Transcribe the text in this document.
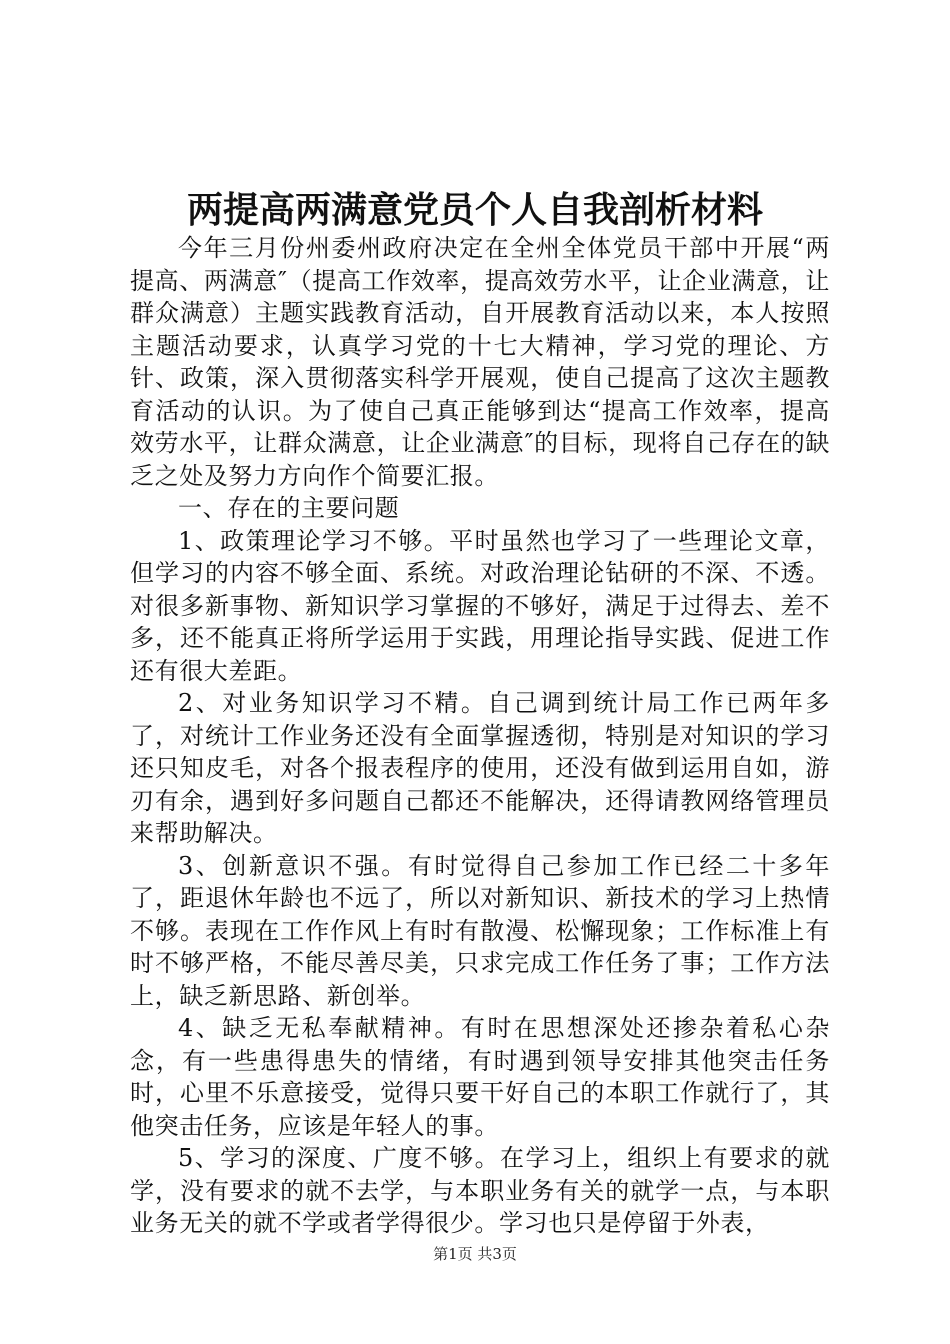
两提高两满意党员个人自我剖析材料

今年三月份州委州政府决定在全州全体党员干部中开展“两提高、两满意″（提高工作效率，提高效劳水平，让企业满意，让群众满意）主题实践教育活动，自开展教育活动以来，本人按照主题活动要求，认真学习党的十七大精神，学习党的理论、方针、政策，深入贯彻落实科学开展观，使自己提高了这次主题教育活动的认识。为了使自己真正能够到达“提高工作效率，提高效劳水平，让群众满意，让企业满意″的目标，现将自己存在的缺乏之处及努力方向作个简要汇报。

一、存在的主要问题

1、政策理论学习不够。平时虽然也学习了一些理论文章，但学习的内容不够全面、系统。对政治理论钻研的不深、不透。对很多新事物、新知识学习掌握的不够好，满足于过得去、差不多，还不能真正将所学运用于实践，用理论指导实践、促进工作还有很大差距。

2、对业务知识学习不精。自己调到统计局工作已两年多了，对统计工作业务还没有全面掌握透彻，特别是对知识的学习还只知皮毛，对各个报表程序的使用，还没有做到运用自如，游刃有余，遇到好多问题自己都还不能解决，还得请教网络管理员来帮助解决。

3、创新意识不强。有时觉得自己参加工作已经二十多年了，距退休年龄也不远了，所以对新知识、新技术的学习上热情不够。表现在工作作风上有时有散漫、松懈现象；工作标准上有时不够严格，不能尽善尽美，只求完成工作任务了事；工作方法上，缺乏新思路、新创举。

4、缺乏无私奉献精神。有时在思想深处还掺杂着私心杂念，有一些患得患失的情绪，有时遇到领导安排其他突击任务时，心里不乐意接受，觉得只要干好自己的本职工作就行了，其他突击任务，应该是年轻人的事。

5、学习的深度、广度不够。在学习上，组织上有要求的就学，没有要求的就不去学，与本职业务有关的就学一点，与本职业务无关的就不学或者学得很少。学习也只是停留于外表，

第1页 共3页
